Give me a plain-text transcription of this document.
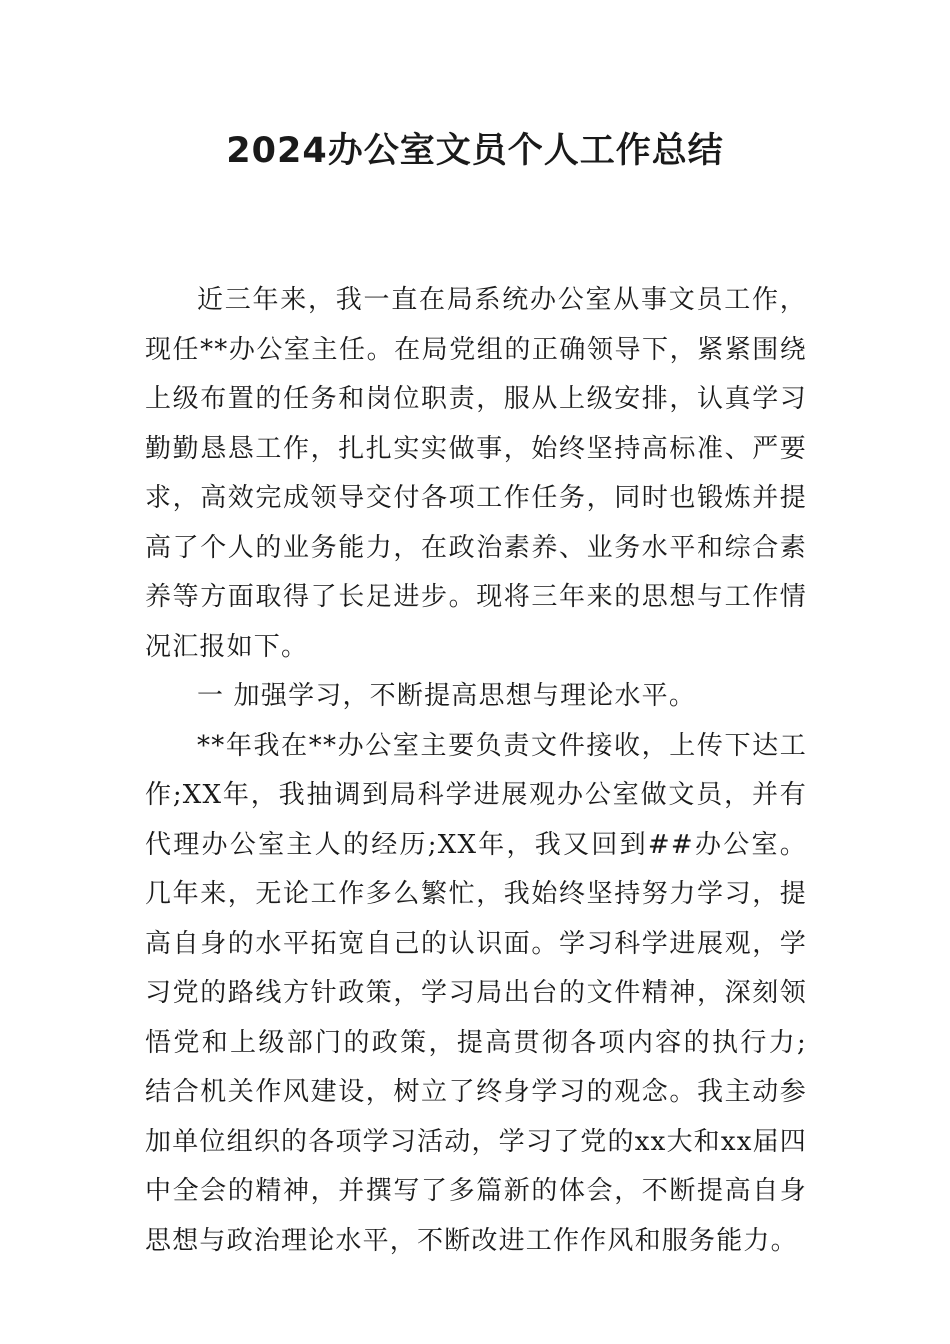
2024办公室文员个人工作总结

近三年来，我一直在局系统办公室从事文员工作，现任**办公室主任。在局党组的正确领导下，紧紧围绕上级布置的任务和岗位职责，服从上级安排，认真学习勤勤恳恳工作，扎扎实实做事，始终坚持高标准、严要求，高效完成领导交付各项工作任务，同时也锻炼并提高了个人的业务能力，在政治素养、业务水平和综合素养等方面取得了长足进步。现将三年来的思想与工作情况汇报如下。

一 加强学习，不断提高思想与理论水平。

**年我在**办公室主要负责文件接收，上传下达工作;XX年，我抽调到局科学进展观办公室做文员，并有代理办公室主人的经历;XX年，我又回到##办公室。几年来，无论工作多么繁忙，我始终坚持努力学习，提高自身的水平拓宽自己的认识面。学习科学进展观，学习党的路线方针政策，学习局出台的文件精神，深刻领悟党和上级部门的政策，提高贯彻各项内容的执行力;结合机关作风建设，树立了终身学习的观念。我主动参加单位组织的各项学习活动，学习了党的xx大和xx届四中全会的精神，并撰写了多篇新的体会，不断提高自身思想与政治理论水平，不断改进工作作风和服务能力。
